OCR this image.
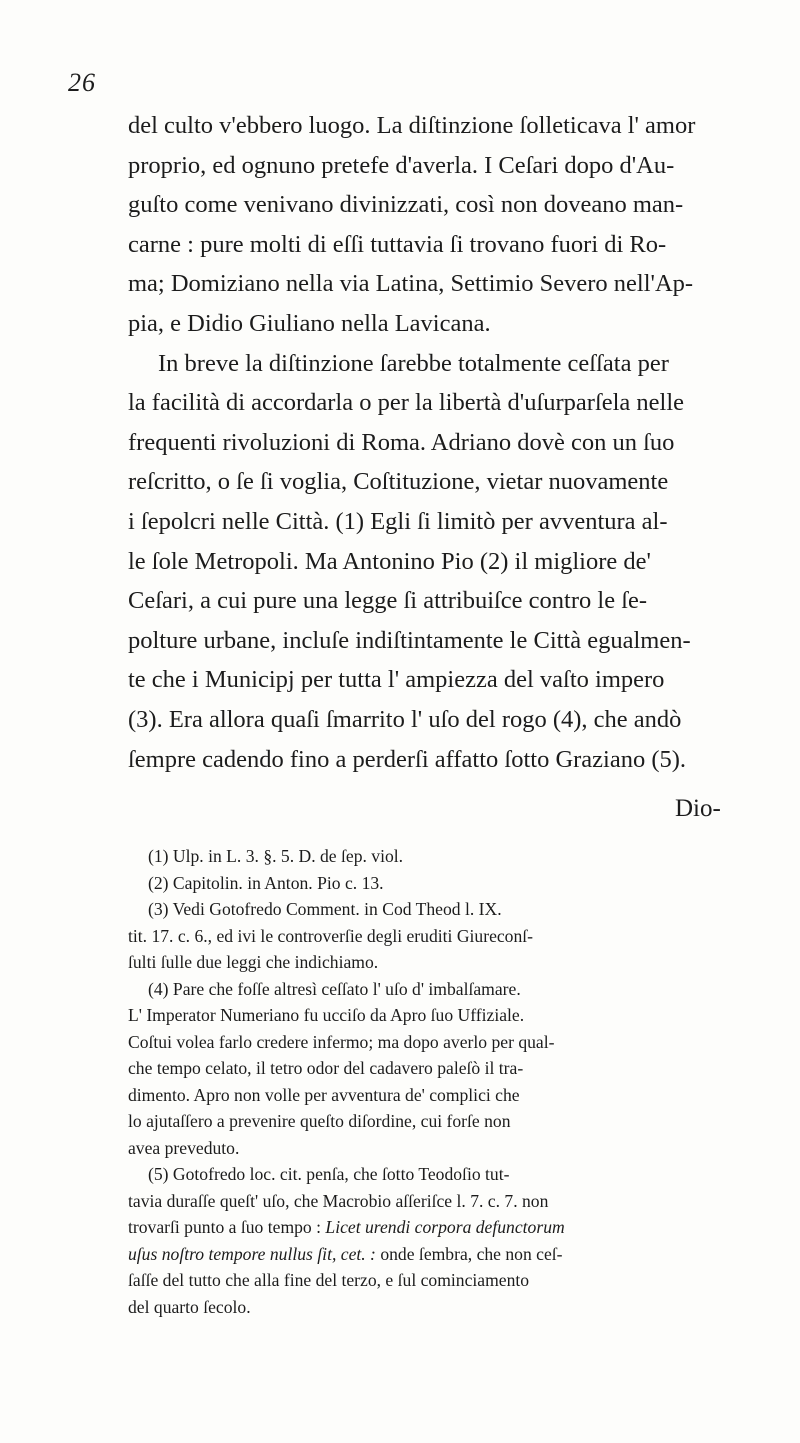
26
del culto v'ebbero luogo. La diſtinzione ſolleticava l' amor
proprio, ed ognuno pretefe d'averla. I Ceſari dopo d'Au-
guſto come venivano divinizzati, così non doveano man-
carne : pure molti di eſſi tuttavia ſi trovano fuori di Ro-
ma; Domiziano nella via Latina, Settimio Severo nell'Ap-
pia, e Didio Giuliano nella Lavicana.
In breve la diſtinzione ſarebbe totalmente ceſſata per
la facilità di accordarla o per la libertà d'uſurparſela nelle
frequenti rivoluzioni di Roma. Adriano dovè con un ſuo
reſcritto, o ſe ſi voglia, Coſtituzione, vietar nuovamente
i ſepolcri nelle Città. (1) Egli ſi limitò per avventura al-
le ſole Metropoli. Ma Antonino Pio (2) il migliore de'
Ceſari, a cui pure una legge ſi attribuiſce contro le ſe-
polture urbane, incluſe indiſtintamente le Città egualmen-
te che i Municipj per tutta l' ampiezza del vaſto impero
(3). Era allora quaſi ſmarrito l' uſo del rogo (4), che andò
ſempre cadendo fino a perderſi affatto ſotto Graziano (5).
Dio-
(1) Ulp. in L. 3. §. 5. D. de ſep. viol.
(2) Capitolin. in Anton. Pio c. 13.
(3) Vedi Gotofredo Comment. in Cod Theod l. IX.
tit. 17. c. 6., ed ivi le controverſie degli eruditi Giureconſ-
ſulti ſulle due leggi che indichiamo.
(4) Pare che foſſe altresì ceſſato l' uſo d' imbalſamare.
L' Imperator Numeriano fu ucciſo da Apro ſuo Uffiziale.
Coſtui volea farlo credere infermo; ma dopo averlo per qual-
che tempo celato, il tetro odor del cadavero paleſò il tra-
dimento. Apro non volle per avventura de' complici che
lo ajutaſſero a prevenire queſto diſordine, cui forſe non
avea preveduto.
(5) Gotofredo loc. cit. penſa, che ſotto Teodoſio tut-
tavia duraſſe queſt' uſo, che Macrobio aſſeriſce l. 7. c. 7. non
trovarſi punto a ſuo tempo : Licet urendi corpora defunctorum
uſus noſtro tempore nullus ſit, cet. : onde ſembra, che non ceſ-
ſaſſe del tutto che alla fine del terzo, e ſul cominciamento
del quarto ſecolo.
